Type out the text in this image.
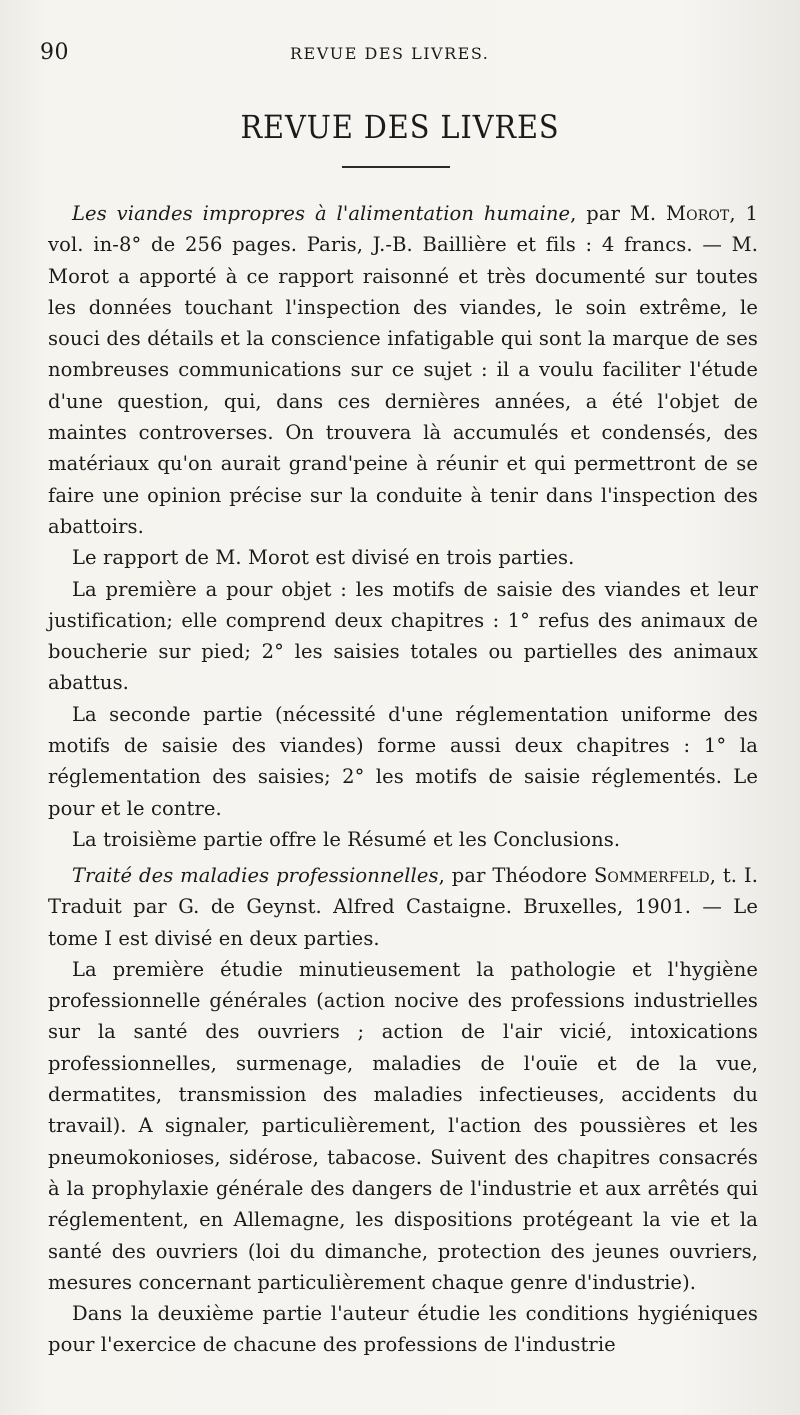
90	REVUE DES LIVRES.
REVUE DES LIVRES

Les viandes impropres à l'alimentation humaine, par M. Morot, 1 vol. in-8° de 256 pages. Paris, J.-B. Baillière et fils : 4 francs. — M. Morot a apporté à ce rapport raisonné et très documenté sur toutes les données touchant l'inspection des viandes, le soin extrême, le souci des détails et la conscience infatigable qui sont la marque de ses nombreuses communications sur ce sujet : il a voulu faciliter l'étude d'une question, qui, dans ces dernières années, a été l'objet de maintes controverses. On trouvera là accumulés et condensés, des matériaux qu'on aurait grand'peine à réunir et qui permettront de se faire une opinion précise sur la conduite à tenir dans l'inspection des abattoirs.

Le rapport de M. Morot est divisé en trois parties.

La première a pour objet : les motifs de saisie des viandes et leur justification; elle comprend deux chapitres : 1° refus des animaux de boucherie sur pied; 2° les saisies totales ou partielles des animaux abattus.

La seconde partie (nécessité d'une réglementation uniforme des motifs de saisie des viandes) forme aussi deux chapitres : 1° la réglementation des saisies; 2° les motifs de saisie réglementés. Le pour et le contre.

La troisième partie offre le Résumé et les Conclusions.

Traité des maladies professionnelles, par Théodore Sommerfeld, t. I. Traduit par G. de Geynst. Alfred Castaigne. Bruxelles, 1901. — Le tome I est divisé en deux parties.

La première étudie minutieusement la pathologie et l'hygiène professionnelle générales (action nocive des professions industrielles sur la santé des ouvriers ; action de l'air vicié, intoxications professionnelles, surmenage, maladies de l'ouïe et de la vue, dermatites, transmission des maladies infectieuses, accidents du travail). A signaler, particulièrement, l'action des poussières et les pneumokonioses, sidérose, tabacose. Suivent des chapitres consacrés à la prophylaxie générale des dangers de l'industrie et aux arrêtés qui réglementent, en Allemagne, les dispositions protégeant la vie et la santé des ouvriers (loi du dimanche, protection des jeunes ouvriers, mesures concernant particulièrement chaque genre d'industrie).

Dans la deuxième partie l'auteur étudie les conditions hygiéniques pour l'exercice de chacune des professions de l'industrie
